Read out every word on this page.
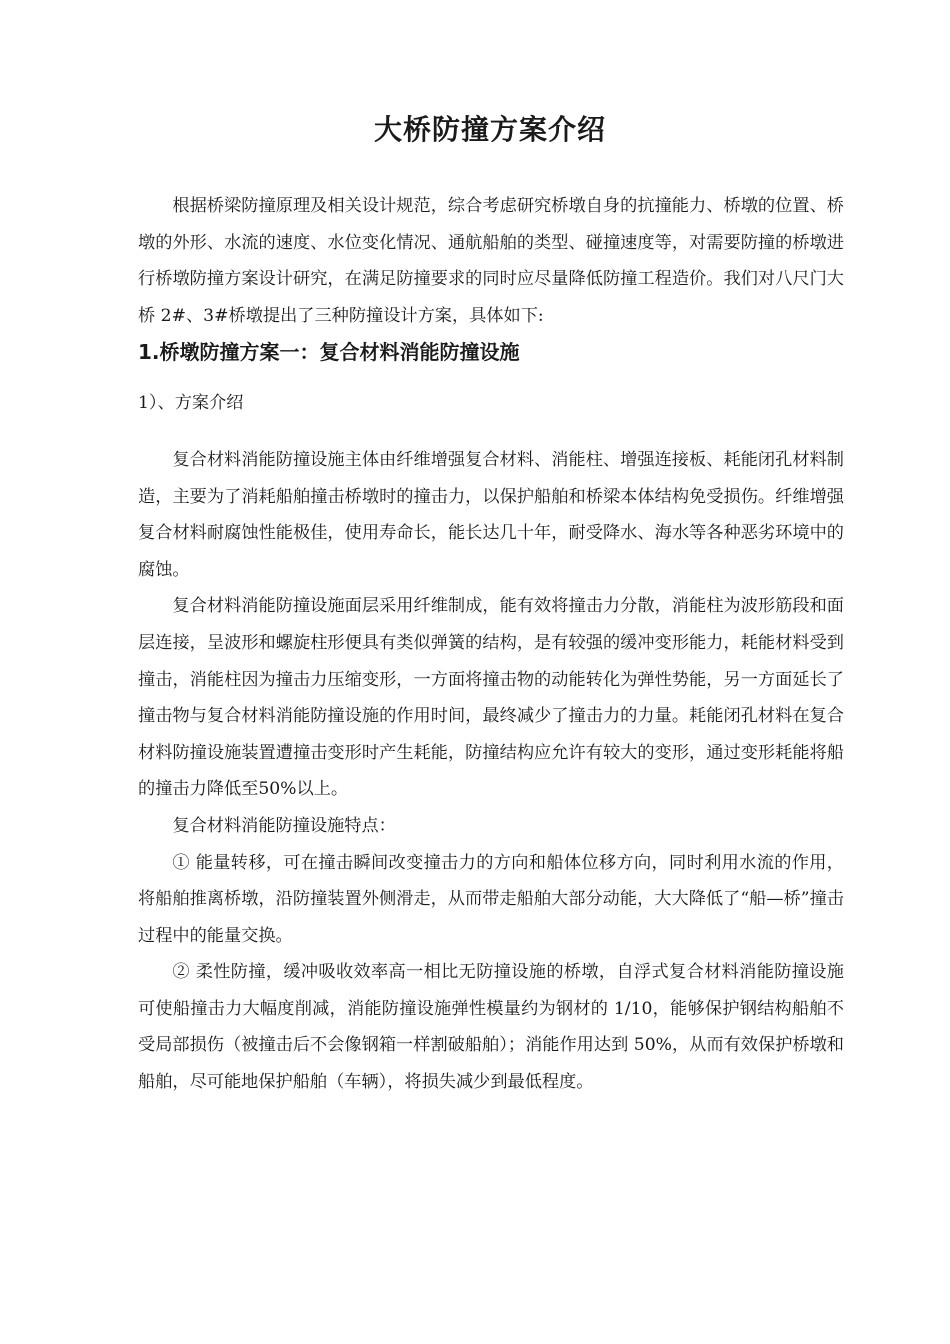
大桥防撞方案介绍

根据桥梁防撞原理及相关设计规范，综合考虑研究桥墩自身的抗撞能力、桥墩的位置、桥墩的外形、水流的速度、水位变化情况、通航船舶的类型、碰撞速度等，对需要防撞的桥墩进行桥墩防撞方案设计研究，在满足防撞要求的同时应尽量降低防撞工程造价。我们对八尺门大桥 2#、3#桥墩提出了三种防撞设计方案，具体如下:

1.桥墩防撞方案一：复合材料消能防撞设施

1）、方案介绍

复合材料消能防撞设施主体由纤维增强复合材料、消能柱、增强连接板、耗能闭孔材料制造，主要为了消耗船舶撞击桥墩时的撞击力，以保护船舶和桥梁本体结构免受损伤。纤维增强复合材料耐腐蚀性能极佳，使用寿命长，能长达几十年，耐受降水、海水等各种恶劣环境中的腐蚀。

复合材料消能防撞设施面层采用纤维制成，能有效将撞击力分散，消能柱为波形筋段和面层连接，呈波形和螺旋柱形便具有类似弹簧的结构，是有较强的缓冲变形能力，耗能材料受到撞击，消能柱因为撞击力压缩变形，一方面将撞击物的动能转化为弹性势能，另一方面延长了撞击物与复合材料消能防撞设施的作用时间，最终减少了撞击力的力量。耗能闭孔材料在复合材料防撞设施装置遭撞击变形时产生耗能，防撞结构应允许有较大的变形，通过变形耗能将船的撞击力降低至50%以上。

复合材料消能防撞设施特点：

① 能量转移，可在撞击瞬间改变撞击力的方向和船体位移方向，同时利用水流的作用，将船舶推离桥墩，沿防撞装置外侧滑走，从而带走船舶大部分动能，大大降低了“船—桥”撞击过程中的能量交换。

② 柔性防撞，缓冲吸收效率高一相比无防撞设施的桥墩，自浮式复合材料消能防撞设施可使船撞击力大幅度削减，消能防撞设施弹性模量约为钢材的 1/10，能够保护钢结构船舶不受局部损伤（被撞击后不会像钢箱一样割破船舶）；消能作用达到 50%，从而有效保护桥墩和船舶，尽可能地保护船舶（车辆），将损失减少到最低程度。
